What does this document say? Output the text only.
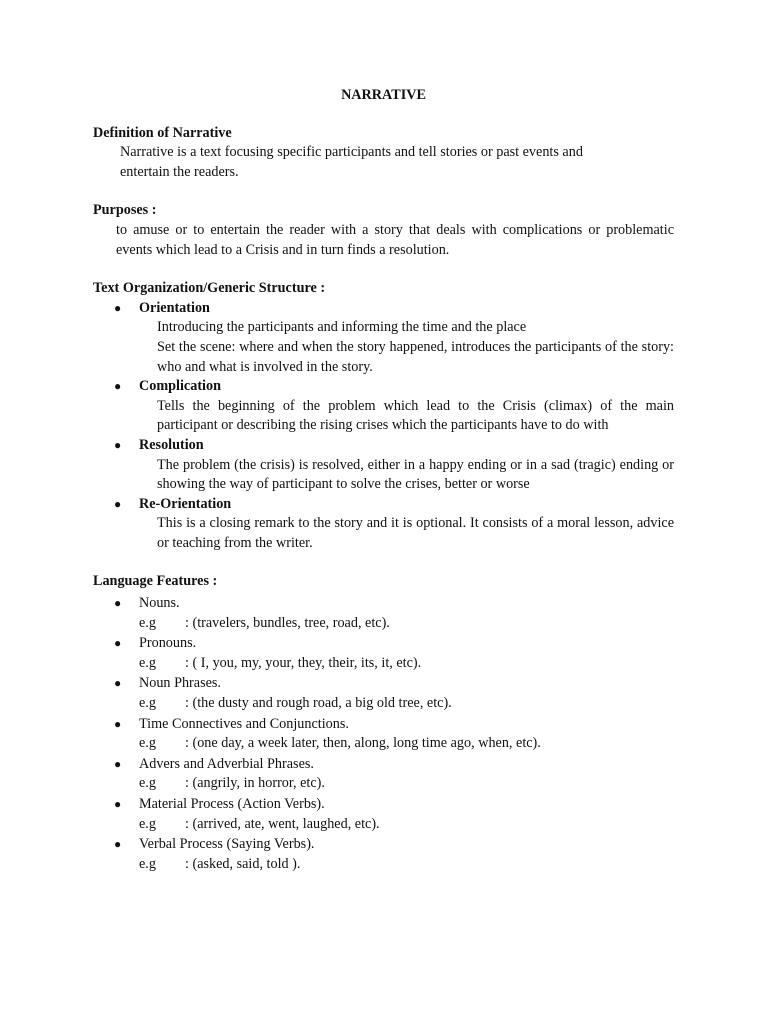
NARRATIVE
Definition of Narrative
Narrative is a text focusing specific participants and tell stories or past events and
entertain the readers.
Purposes :
to amuse or to entertain the reader with a story that deals with complications or problematic events which lead to a Crisis and in turn finds a resolution.
Text Organization/Generic Structure :
● Orientation
Introducing the participants and informing the time and the place
Set the scene: where and when the story happened, introduces the participants of the story: who and what is involved in the story.
● Complication
Tells the beginning of the problem which lead to the Crisis (climax) of the main participant or describing the rising crises which the participants have to do with
● Resolution
The problem (the crisis) is resolved, either in a happy ending or in a sad (tragic) ending or showing the way of participant to solve the crises, better or worse
● Re-Orientation
This is a closing remark to the story and it is optional. It consists of a moral lesson, advice or teaching from the writer.
Language Features :
● Nouns.
e.g : (travelers, bundles, tree, road, etc).
● Pronouns.
e.g : ( I, you, my, your, they, their, its, it, etc).
● Noun Phrases.
e.g : (the dusty and rough road, a big old tree, etc).
● Time Connectives and Conjunctions.
e.g : (one day, a week later, then, along, long time ago, when, etc).
● Advers and Adverbial Phrases.
e.g : (angrily, in horror, etc).
● Material Process (Action Verbs).
e.g : (arrived, ate, went, laughed, etc).
● Verbal Process (Saying Verbs).
e.g : (asked, said, told ).
